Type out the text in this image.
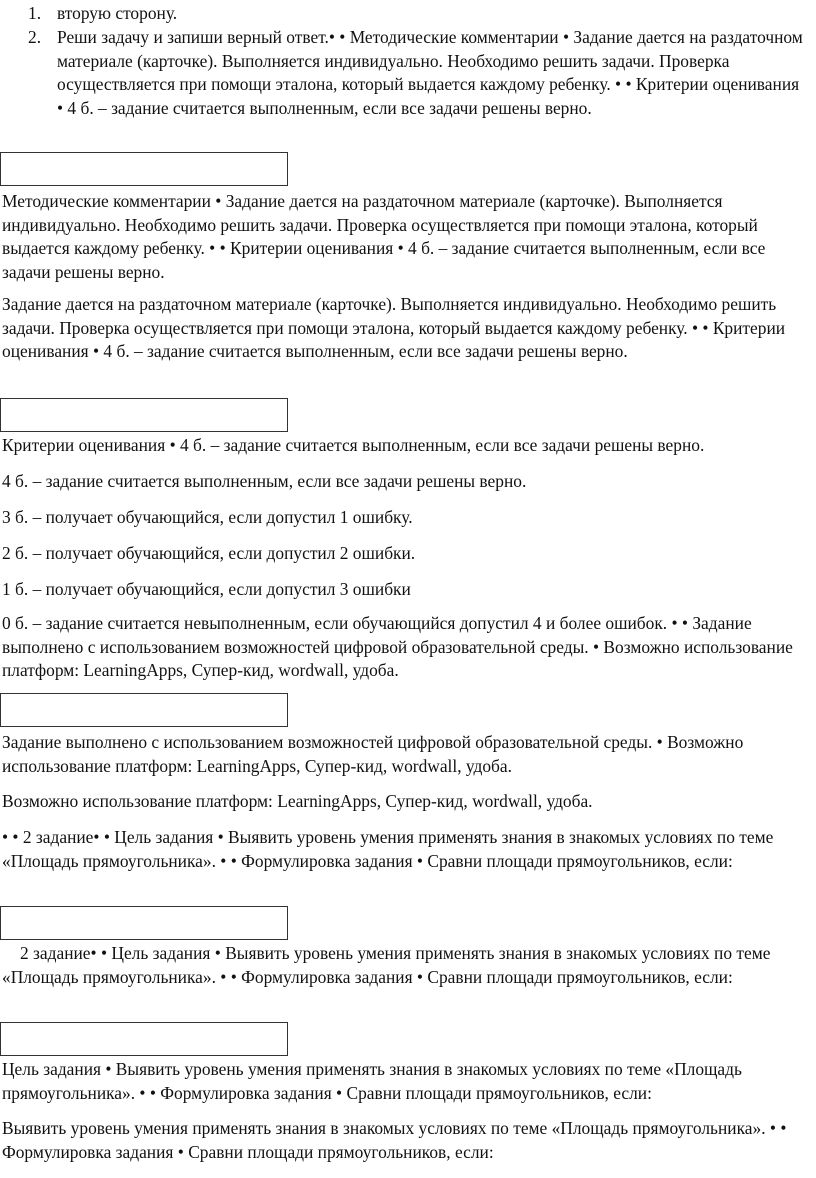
1. вторую сторону.
2. Реши задачу и запиши верный ответ.• • Методические комментарии • Задание дается на раздаточном материале (карточке). Выполняется индивидуально. Необходимо решить задачи. Проверка осуществляется при помощи эталона, который выдается каждому ребенку. • • Критерии оценивания • 4 б. – задание считается выполненным, если все задачи решены верно.

Методические комментарии • Задание дается на раздаточном материале (карточке). Выполняется индивидуально. Необходимо решить задачи. Проверка осуществляется при помощи эталона, который выдается каждому ребенку. • • Критерии оценивания • 4 б. – задание считается выполненным, если все задачи решены верно.

Задание дается на раздаточном материале (карточке). Выполняется индивидуально. Необходимо решить задачи. Проверка осуществляется при помощи эталона, который выдается каждому ребенку. • • Критерии оценивания • 4 б. – задание считается выполненным, если все задачи решены верно.

Критерии оценивания • 4 б. – задание считается выполненным, если все задачи решены верно.

4 б. – задание считается выполненным, если все задачи решены верно.

3 б. – получает обучающийся, если допустил 1 ошибку.

2 б. – получает обучающийся, если допустил 2 ошибки.

1 б. – получает обучающийся, если допустил 3 ошибки

0 б. – задание считается невыполненным, если обучающийся допустил 4 и более ошибок. • • Задание выполнено с использованием возможностей цифровой образовательной среды. • Возможно использование платформ: LearningApps, Супер-кид, wordwall, удоба.

Задание выполнено с использованием возможностей цифровой образовательной среды. • Возможно использование платформ: LearningApps, Супер-кид, wordwall, удоба.

Возможно использование платформ: LearningApps, Супер-кид, wordwall, удоба.

• • 2 задание• • Цель задания • Выявить уровень умения применять знания в знакомых условиях по теме «Площадь прямоугольника». • • Формулировка задания • Сравни площади прямоугольников, если:

2 задание• • Цель задания • Выявить уровень умения применять знания в знакомых условиях по теме «Площадь прямоугольника». • • Формулировка задания • Сравни площади прямоугольников, если:

Цель задания • Выявить уровень умения применять знания в знакомых условиях по теме «Площадь прямоугольника». • • Формулировка задания • Сравни площади прямоугольников, если:

Выявить уровень умения применять знания в знакомых условиях по теме «Площадь прямоугольника». • • Формулировка задания • Сравни площади прямоугольников, если:
